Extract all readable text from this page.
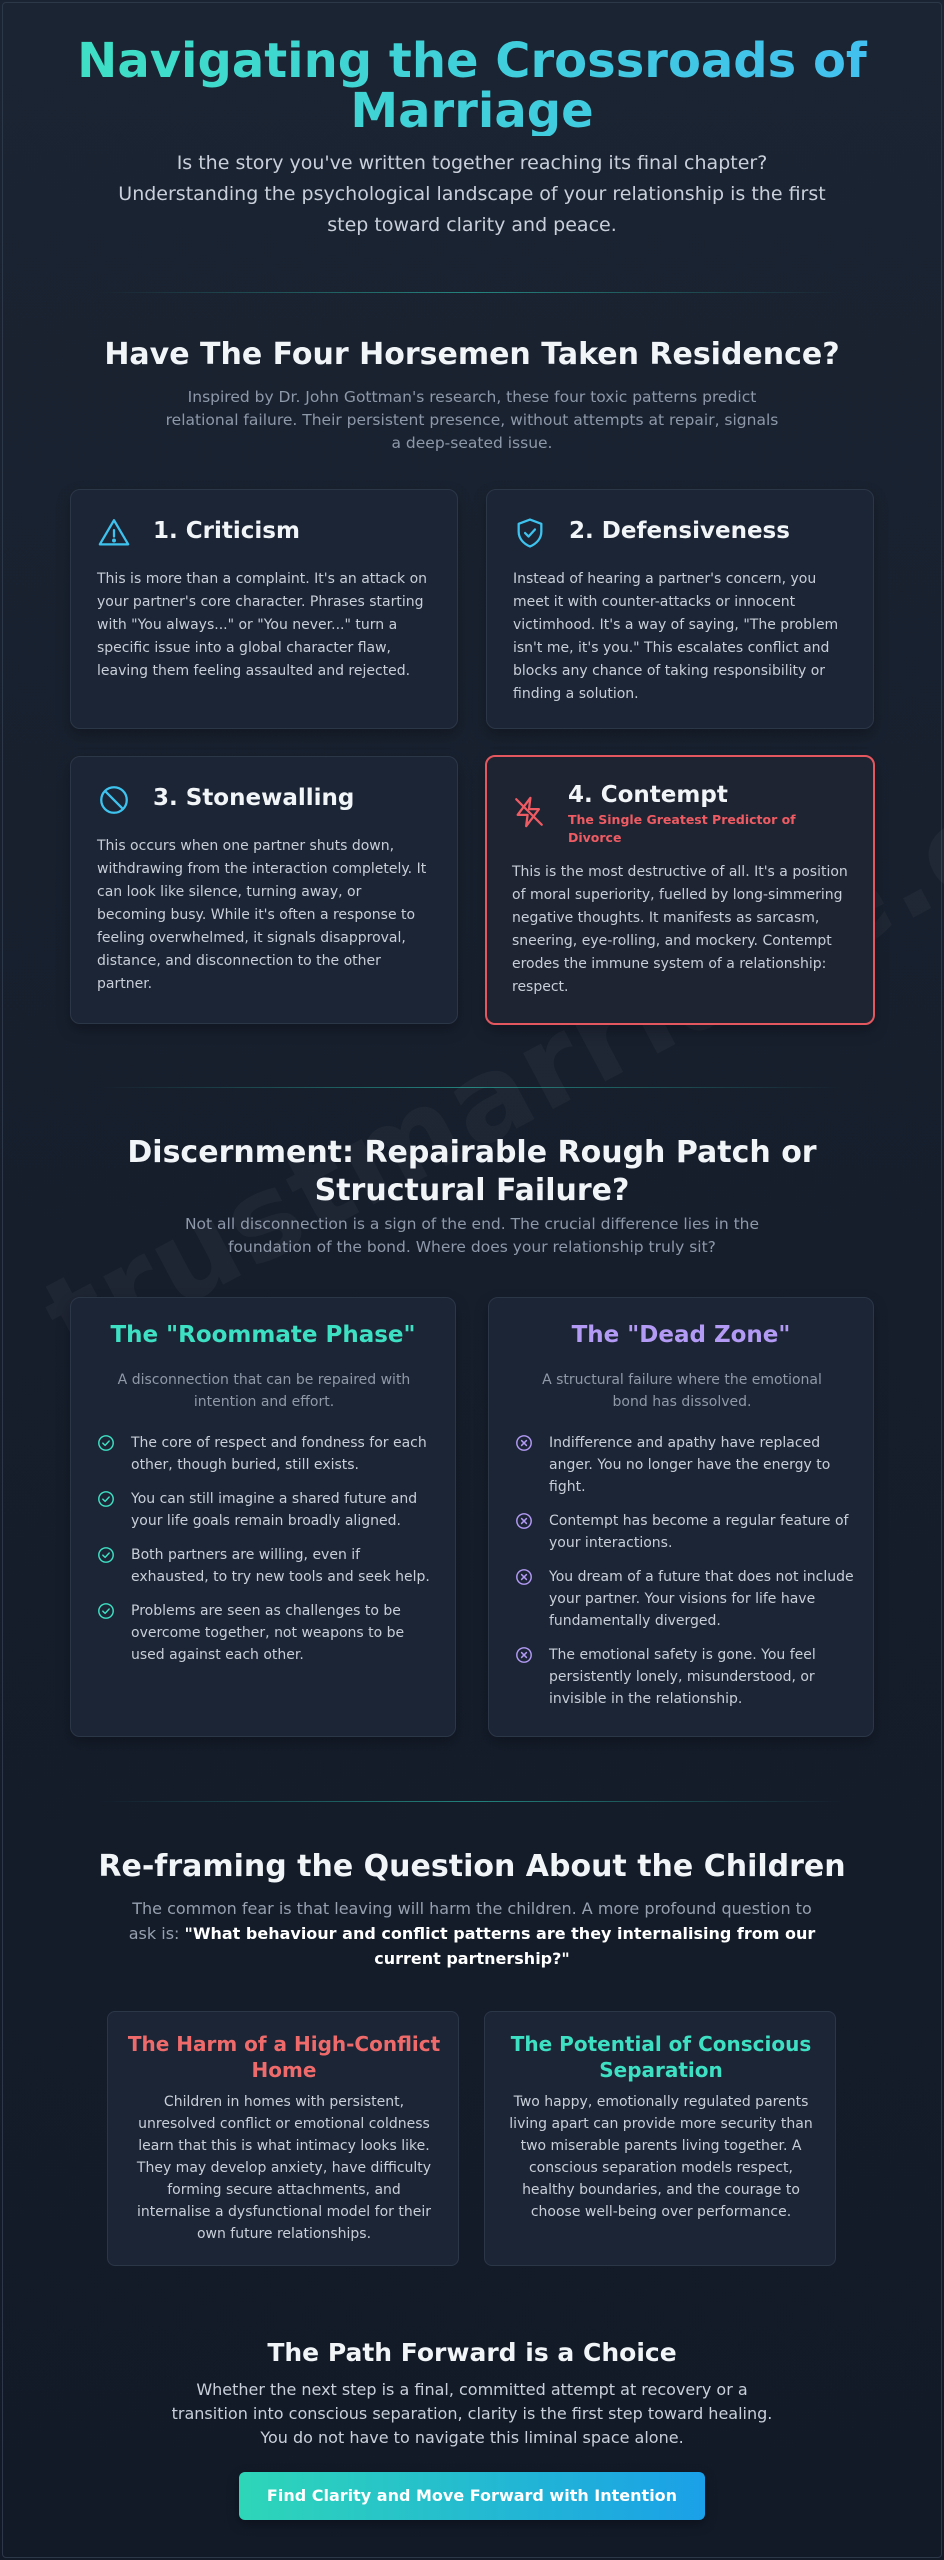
Navigating the Crossroads of Marriage

Is the story you've written together reaching its final chapter? Understanding the psychological landscape of your relationship is the first step toward clarity and peace.

Have The Four Horsemen Taken Residence?

Inspired by Dr. John Gottman's research, these four toxic patterns predict relational failure. Their persistent presence, without attempts at repair, signals a deep-seated issue.

1. Criticism

This is more than a complaint. It's an attack on your partner's core character. Phrases starting with "You always..." or "You never..." turn a specific issue into a global character flaw, leaving them feeling assaulted and rejected.

2. Defensiveness

Instead of hearing a partner's concern, you meet it with counter-attacks or innocent victimhood. It's a way of saying, "The problem isn't me, it's you." This escalates conflict and blocks any chance of taking responsibility or finding a solution.

3. Stonewalling

This occurs when one partner shuts down, withdrawing from the interaction completely. It can look like silence, turning away, or becoming busy. While it's often a response to feeling overwhelmed, it signals disapproval, distance, and disconnection to the other partner.

4. Contempt
The Single Greatest Predictor of Divorce

This is the most destructive of all. It's a position of moral superiority, fuelled by long-simmering negative thoughts. It manifests as sarcasm, sneering, eye-rolling, and mockery. Contempt erodes the immune system of a relationship: respect.

Discernment: Repairable Rough Patch or Structural Failure?

Not all disconnection is a sign of the end. The crucial difference lies in the foundation of the bond. Where does your relationship truly sit?

The "Roommate Phase"

A disconnection that can be repaired with intention and effort.

The core of respect and fondness for each other, though buried, still exists.
You can still imagine a shared future and your life goals remain broadly aligned.
Both partners are willing, even if exhausted, to try new tools and seek help.
Problems are seen as challenges to be overcome together, not weapons to be used against each other.
The "Dead Zone"

A structural failure where the emotional bond has dissolved.

Indifference and apathy have replaced anger. You no longer have the energy to fight.
Contempt has become a regular feature of your interactions.
You dream of a future that does not include your partner. Your visions for life have fundamentally diverged.
The emotional safety is gone. You feel persistently lonely, misunderstood, or invisible in the relationship.
Re-framing the Question About the Children

The common fear is that leaving will harm the children. A more profound question to ask is: "What behaviour and conflict patterns are they internalising from our current partnership?"

The Harm of a High-Conflict Home

Children in homes with persistent, unresolved conflict or emotional coldness learn that this is what intimacy looks like. They may develop anxiety, have difficulty forming secure attachments, and internalise a dysfunctional model for their own future relationships.

The Potential of Conscious Separation

Two happy, emotionally regulated parents living apart can provide more security than two miserable parents living together. A conscious separation models respect, healthy boundaries, and the courage to choose well-being over performance.

The Path Forward is a Choice

Whether the next step is a final, committed attempt at recovery or a transition into conscious separation, clarity is the first step toward healing. You do not have to navigate this liminal space alone.

Find Clarity and Move Forward with Intention
